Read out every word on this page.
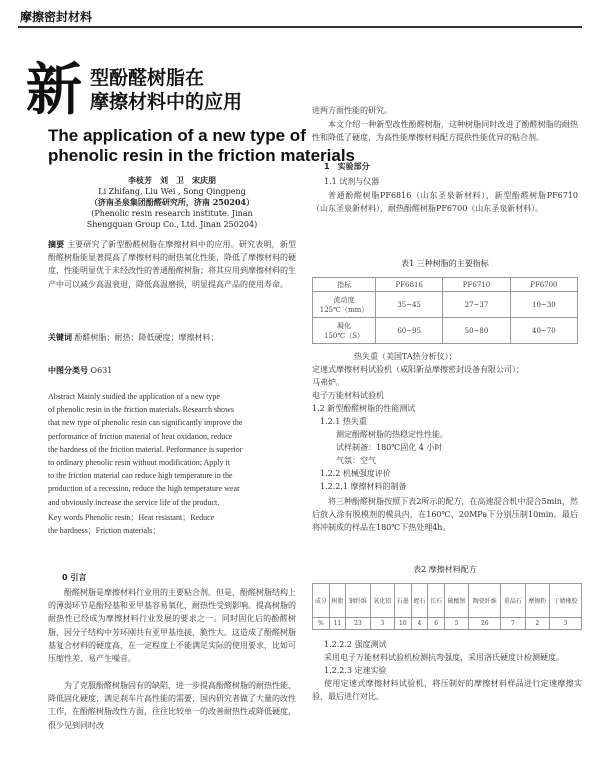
摩擦密封材料
新 型酚醛树脂在
摩擦材料中的应用
The application of a new type of
phenolic resin in the friction materials
李枝芳　刘　卫　宋庆朋
Li Zhifang, Liu Wei , Song Qingpeng
（济南圣泉集团酚醛研究所，济南 250204）
(Phenolic resin research institute. Jinan
Shengquan Group Co., Ltd. Jinan 250204)
摘要 主要研究了新型酚醛树脂在摩擦材料中的应用。研究表明，新型酚醛树脂能显著提高了摩擦材料的耐热氧化性能，降低了摩擦材料的硬度，性能明显优于未经改性的普通酚醛树脂；将其应用到摩擦材料的生产中可以减少高温衰退，降低高温磨损，明显提高产品的使用寿命。
关键词 酚醛树脂；耐热；降低硬度；摩擦材料；
中图分类号 O631
Abstract Mainly studied the application of a new type
of phenolic resin in the friction materials. Research shows
that new type of phenolic resin can significantly improve the
performance of friction material of heat oxidation, reduce
the hardness of the friction material. Performance is superior
to ordinary phenolic resin without modification; Apply it
to the friction material can reduce high temperature in the
production of a recession, reduce the high temperature wear
and obviously increase the service life of the product.
Key words Phenolic resin；Heat resistant；Reduce
the hardness；Friction materials；
0 引言
酚醛树脂是摩擦材料行业用的主要粘合剂。但是，酚醛树脂结构上的薄弱环节是酚羟基和亚甲基容易氧化，耐热性受到影响。提高树脂的耐热性已经成为摩擦材料行业发展的要求之一。同时固化后的酚醛树脂，因分子结构中芳环刚共有亚甲基连接，脆性大。这造成了酚醛树脂基复合材料的硬度高，在一定程度上不能满足实际的使用要求，比如可压缩性差、易产生噪音。
为了克服酚醛树脂固有的缺陷，进一步提高酚醛树脂的耐热性能、降低固化硬度，满足刹车片高性能的需要，国内研究者做了大量的改性工作，在酚醛树脂改性方面，往往比较单一的改善耐热性或降低硬度，很少见到同时改
进两方面性能的研究。
本文介绍一种新型改性酚醛树脂，这种树脂同时改进了酚醛树脂的耐热性和降低了硬度，为高性能摩擦材料配方提供性能优异的粘合剂。
1　实验部分
1.1 试剂与仪器
普通酚醛树脂PF6816（山东圣泉新材料），新型酚醛树脂PF6710（山东圣泉新材料），耐热酚醛树脂PF6700（山东圣泉新材料）。
表1 三种树脂的主要指标
指标	PF6816	PF6710	PF6700

流动度
125℃（mm）	35~45	27~37	10~30

凝化
150℃（S）	60~95	50~80	40~70
热失重（美国TA热分析仪）；
定速式摩擦材料试验机（咸阳新益摩擦密封设备有限公司）；
马弗炉。
电子万能材料试验机
1.2 新型酚醛树脂的性能测试
1.2.1 热失重
测定酚醛树脂的热稳定性性能。
试样制备：180℃固化 4 小时
气氛：空气
1.2.2 机械强度评价
1.2.2.1 摩擦材料的制备
将三种酚醛树脂按照下表2所示的配方，在高速混合机中混合5min，然后放入涂有脱模剂的模具内，在160℃、20MPa下分别压制10min。最后将冲制成的样品在180℃下热处理4h。
表2 摩擦材料配方
成分	树脂	钢纤维	氧化铝	石墨	蛭石	长石	硫酸钡	陶瓷纤维	重晶石	摩擦粉	丁腈橡胶
%	11	23	3	10	4	6	5	26	7	2	3
1.2.2.2 强度测试
采用电子万能材料试验机检测抗弯强度，采用洛氏硬度计检测硬度。
1.2.2.3 定速实验
使用定速式摩擦材料试验机，将压制好的摩擦材料样品进行定速摩擦实验，最后进行对比。
